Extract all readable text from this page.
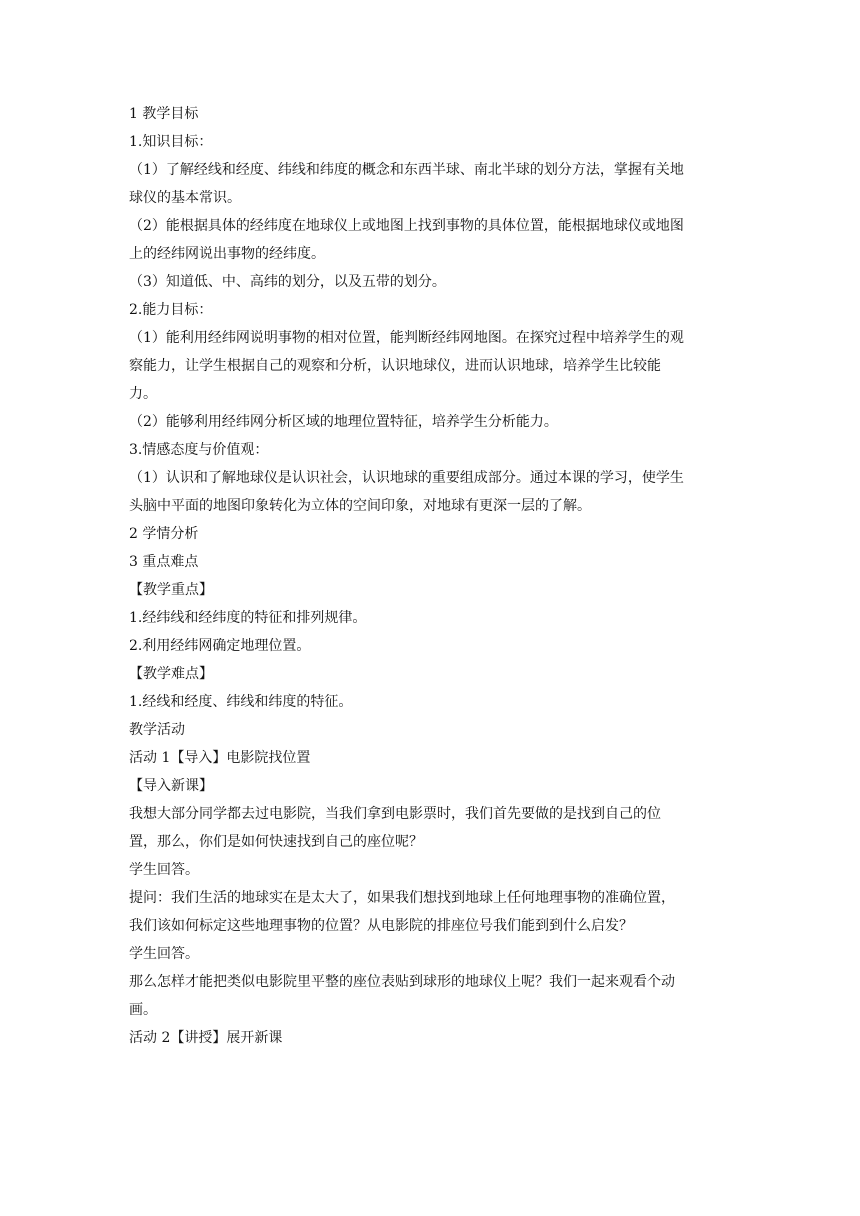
1 教学目标
1.知识目标：
（1）了解经线和经度、纬线和纬度的概念和东西半球、南北半球的划分方法，掌握有关地
球仪的基本常识。
（2）能根据具体的经纬度在地球仪上或地图上找到事物的具体位置，能根据地球仪或地图
上的经纬网说出事物的经纬度。
（3）知道低、中、高纬的划分，以及五带的划分。
2.能力目标：
（1）能利用经纬网说明事物的相对位置，能判断经纬网地图。在探究过程中培养学生的观
察能力，让学生根据自己的观察和分析，认识地球仪，进而认识地球，培养学生比较能
力。
（2）能够利用经纬网分析区域的地理位置特征，培养学生分析能力。
3.情感态度与价值观：
（1）认识和了解地球仪是认识社会，认识地球的重要组成部分。通过本课的学习，使学生
头脑中平面的地图印象转化为立体的空间印象，对地球有更深一层的了解。
2 学情分析
3 重点难点
【教学重点】
1.经纬线和经纬度的特征和排列规律。
2.利用经纬网确定地理位置。
【教学难点】
1.经线和经度、纬线和纬度的特征。
教学活动
活动 1【导入】电影院找位置
【导入新课】
我想大部分同学都去过电影院，当我们拿到电影票时，我们首先要做的是找到自己的位
置，那么，你们是如何快速找到自己的座位呢？
学生回答。
提问：我们生活的地球实在是太大了，如果我们想找到地球上任何地理事物的准确位置，
我们该如何标定这些地理事物的位置？从电影院的排座位号我们能到到什么启发？
学生回答。
那么怎样才能把类似电影院里平整的座位表贴到球形的地球仪上呢？我们一起来观看个动
画。
活动 2【讲授】展开新课
